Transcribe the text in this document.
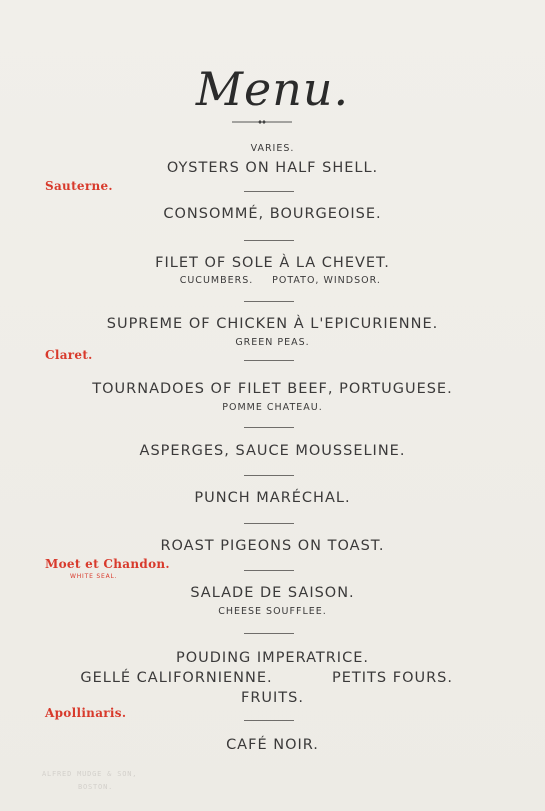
Menu.
VARIES.
OYSTERS ON HALF SHELL.
CONSOMMÉ, BOURGEOISE.
FILET OF SOLE À LA CHEVET.
CUCUMBERS.	POTATO, WINDSOR.
SUPREME OF CHICKEN À L'EPICURIENNE.
GREEN PEAS.
TOURNADOES OF FILET BEEF, PORTUGUESE.
POMME CHATEAU.
ASPERGES, SAUCE MOUSSELINE.
PUNCH MARÉCHAL.
ROAST PIGEONS ON TOAST.
SALADE DE SAISON.
CHEESE SOUFFLEE.
POUDING IMPERATRICE.
GELLÉ CALIFORNIENNE.	PETITS FOURS.
FRUITS.
CAFÉ NOIR.
Sauterne.
Claret.
Moet et Chandon.
WHITE SEAL.
Apollinaris.
ALFRED MUDGE & SON,
BOSTON.
